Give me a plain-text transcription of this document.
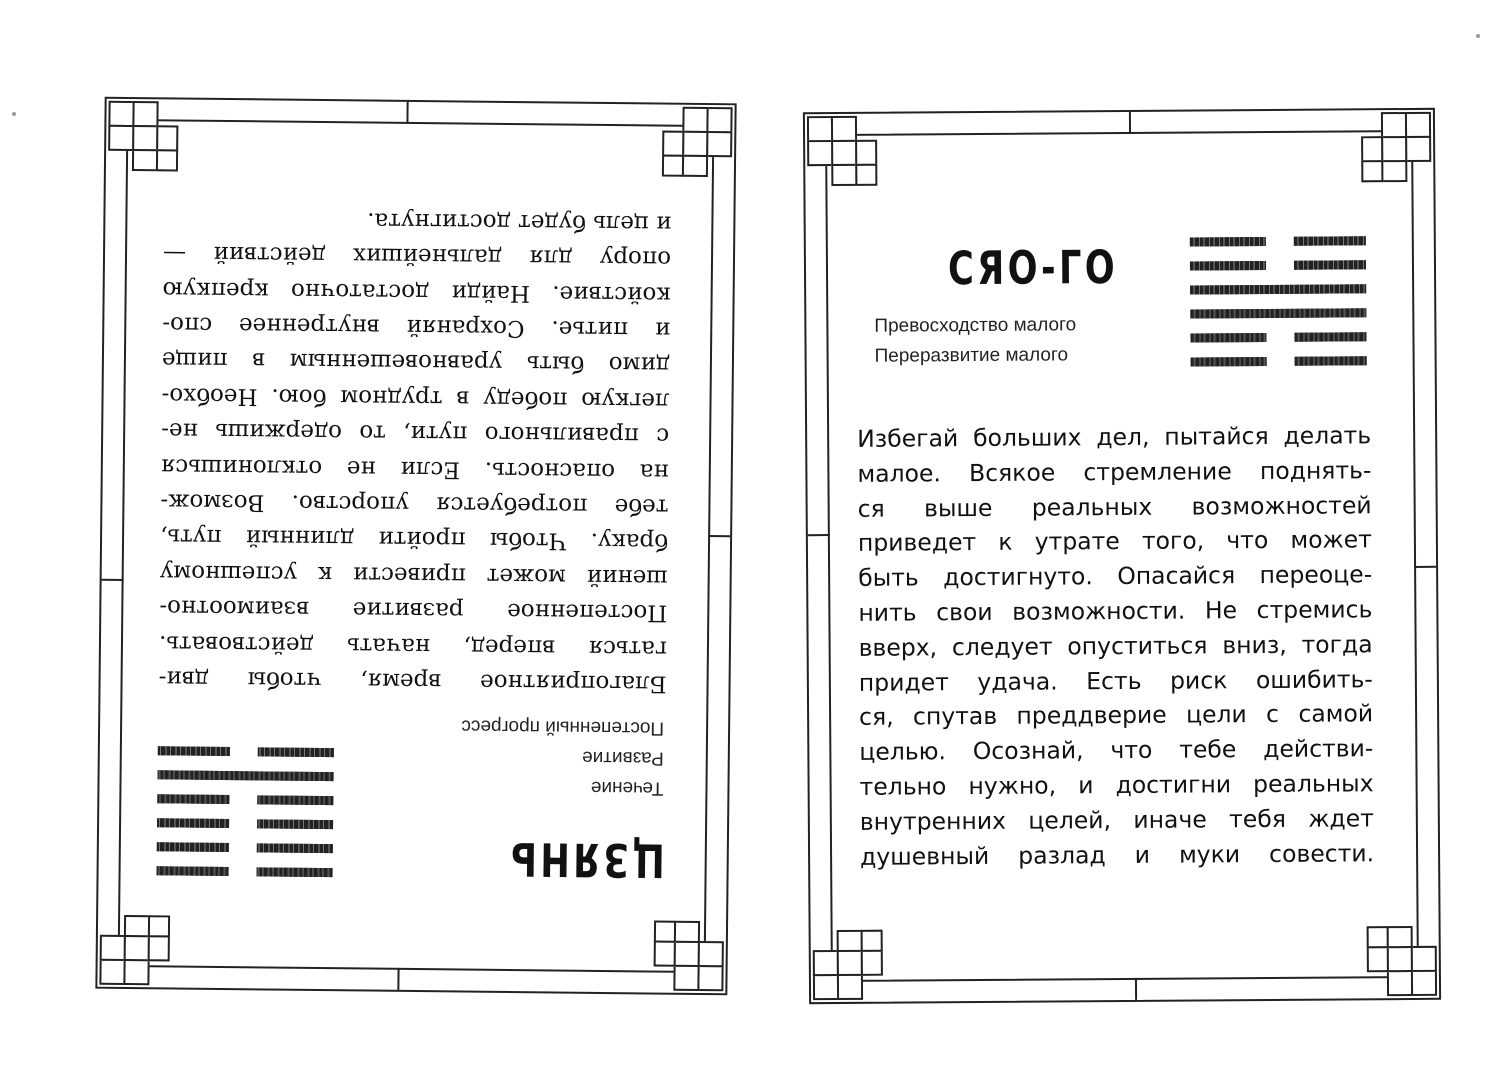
ЦЗЯНЬ
Течение
Развитие
Постепенный прогресс
Благоприятное время, чтобы дви-
гаться вперед, начать действовать.
Постепенное развитие взаимоотно-
шений может привести к успешному
браку. Чтобы пройти длинный путь,
тебе потребуется упорство. Возмож-
на опасность. Если не отклонишься
с правильного пути, то одержишь не-
легкую победу в трудном бою. Необхо-
димо быть уравновешенным в пище
и питье. Сохраняй внутреннее спо-
койствие. Найди достаточно крепкую
опору для дальнейших действий —
и цель будет достигнута.
СЯО-ГО
Превосходство малого
Переразвитие малого
Избегай больших дел, пытайся делать
малое. Всякое стремление поднять-
ся выше реальных возможностей
приведет к утрате того, что может
быть достигнуто. Опасайся переоце-
нить свои возможности. Не стремись
вверх, следует опуститься вниз, тогда
придет удача. Есть риск ошибить-
ся, спутав преддверие цели с самой
целью. Осознай, что тебе действи-
тельно нужно, и достигни реальных
внутренних целей, иначе тебя ждет
душевный разлад и муки совести.
